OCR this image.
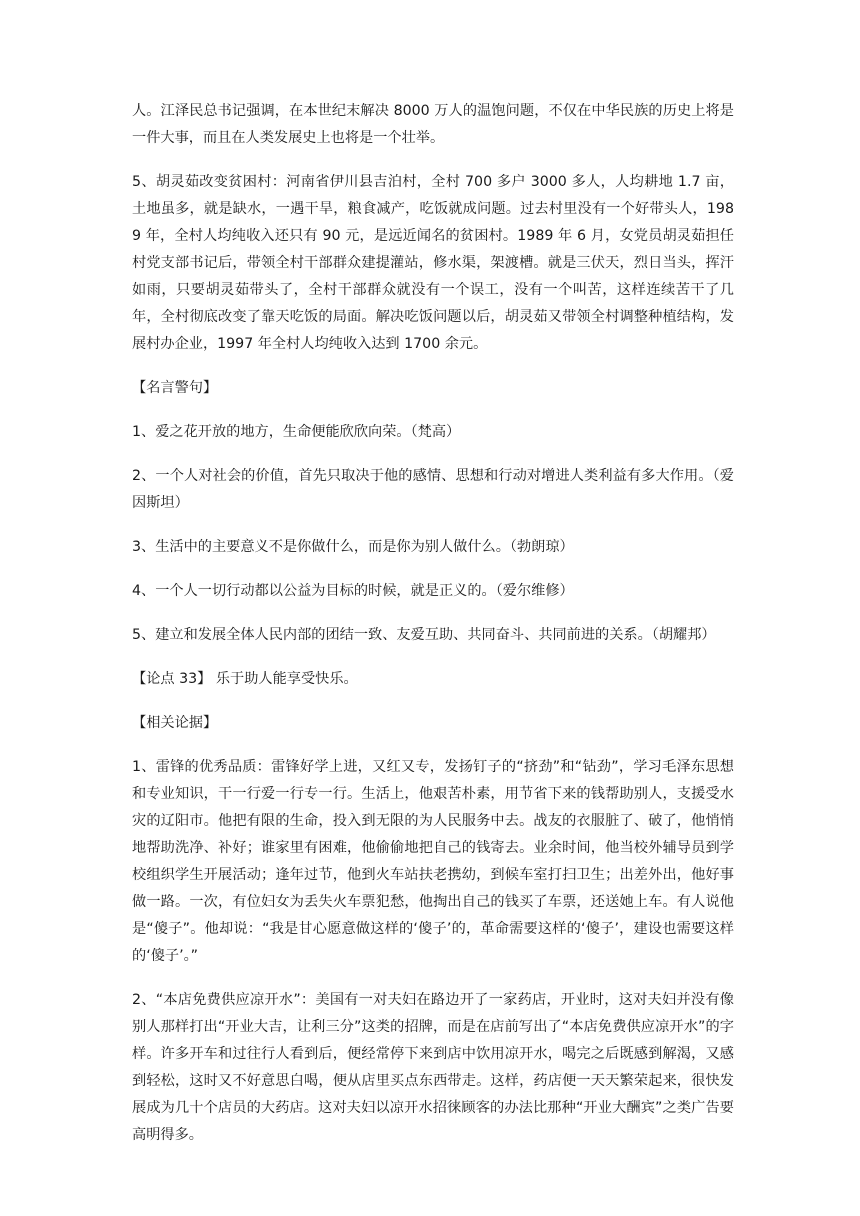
人。江泽民总书记强调，在本世纪末解决 8000 万人的温饱问题，不仅在中华民族的历史上将是一件大事，而且在人类发展史上也将是一个壮举。

5、胡灵茹改变贫困村：河南省伊川县吉泊村，全村 700 多户 3000 多人，人均耕地 1.7 亩，土地虽多，就是缺水，一遇干旱，粮食减产，吃饭就成问题。过去村里没有一个好带头人，1989 年，全村人均纯收入还只有 90 元，是远近闻名的贫困村。1989 年 6 月，女党员胡灵茹担任村党支部书记后，带领全村干部群众建提灌站，修水渠，架渡槽。就是三伏天，烈日当头，挥汗如雨，只要胡灵茹带头了，全村干部群众就没有一个误工，没有一个叫苦，这样连续苦干了几年，全村彻底改变了靠天吃饭的局面。解决吃饭问题以后，胡灵茹又带领全村调整种植结构，发展村办企业，1997 年全村人均纯收入达到 1700 余元。

【名言警句】

1、爱之花开放的地方，生命便能欣欣向荣。（梵高）

2、一个人对社会的价值，首先只取决于他的感情、思想和行动对增进人类利益有多大作用。（爱因斯坦）

3、生活中的主要意义不是你做什么，而是你为别人做什么。（勃朗琼）

4、一个人一切行动都以公益为目标的时候，就是正义的。（爱尔维修）

5、建立和发展全体人民内部的团结一致、友爱互助、共同奋斗、共同前进的关系。（胡耀邦）

【论点 33】 乐于助人能享受快乐。

【相关论据】

1、雷锋的优秀品质：雷锋好学上进，又红又专，发扬钉子的“挤劲”和“钻劲”，学习毛泽东思想和专业知识，干一行爱一行专一行。生活上，他艰苦朴素，用节省下来的钱帮助别人，支援受水灾的辽阳市。他把有限的生命，投入到无限的为人民服务中去。战友的衣服脏了、破了，他悄悄地帮助洗净、补好；谁家里有困难，他偷偷地把自己的钱寄去。业余时间，他当校外辅导员到学校组织学生开展活动；逢年过节，他到火车站扶老携幼，到候车室打扫卫生；出差外出，他好事做一路。一次，有位妇女为丢失火车票犯愁，他掏出自己的钱买了车票，还送她上车。有人说他是“傻子”。他却说：“我是甘心愿意做这样的‘傻子’的，革命需要这样的‘傻子’，建设也需要这样的‘傻子’。”

2、“本店免费供应凉开水”：美国有一对夫妇在路边开了一家药店，开业时，这对夫妇并没有像别人那样打出“开业大吉，让利三分”这类的招牌，而是在店前写出了“本店免费供应凉开水”的字样。许多开车和过往行人看到后，便经常停下来到店中饮用凉开水，喝完之后既感到解渴，又感到轻松，这时又不好意思白喝，便从店里买点东西带走。这样，药店便一天天繁荣起来，很快发展成为几十个店员的大药店。这对夫妇以凉开水招徕顾客的办法比那种“开业大酬宾”之类广告要高明得多。
